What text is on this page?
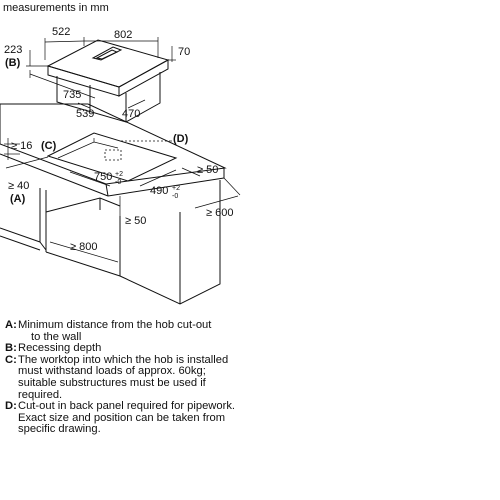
measurements in mm
522	802
223
(B)
70
735
539	470
≥ 16 (C)
≥ 40
(A)
750 +2
-0
490 +2
-0
≥ 50
≥ 50
≥ 600
≥ 800
(D)
A: Minimum distance from the hob cut-out
to the wall
B: Recessing depth
C: The worktop into which the hob is installed
must withstand loads of approx. 60kg;
suitable substructures must be used if
required.
D: Cut-out in back panel required for pipework.
Exact size and position can be taken from
specific drawing.
